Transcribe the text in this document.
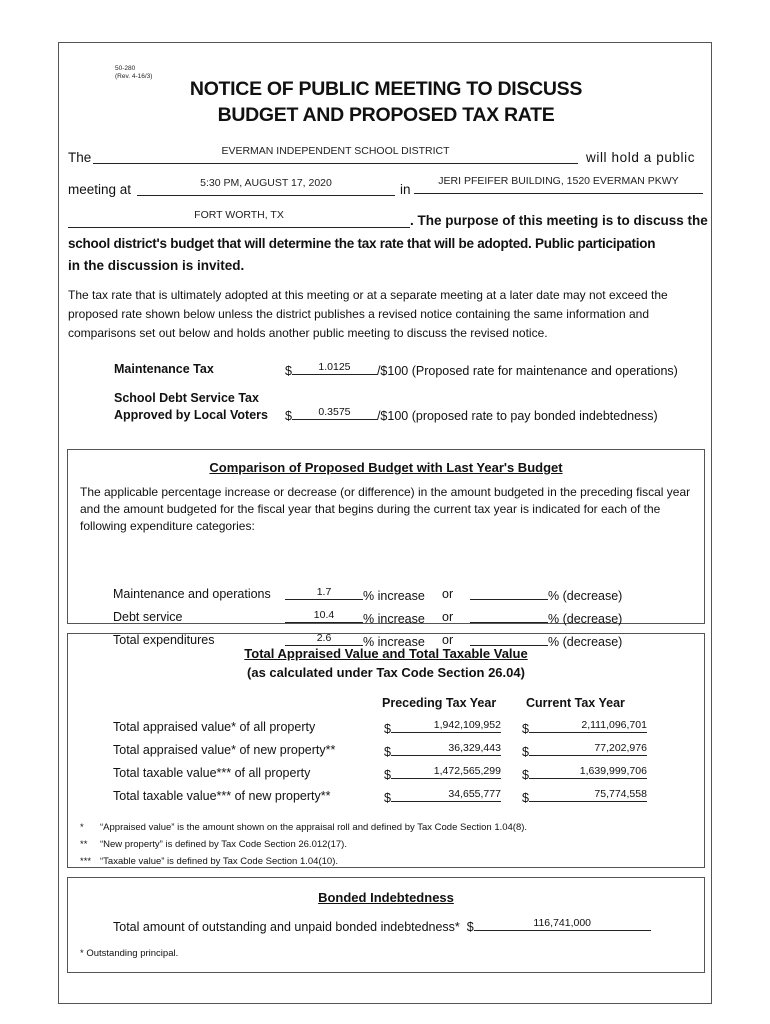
50-280
(Rev. 4-16/3)
NOTICE OF PUBLIC MEETING TO DISCUSS
BUDGET AND PROPOSED TAX RATE
The	EVERMAN INDEPENDENT SCHOOL DISTRICT	will hold a public
meeting at	5:30 PM, AUGUST 17, 2020	in
JERI PFEIFER BUILDING, 1520 EVERMAN PKWY
FORT WORTH, TX	. The purpose of this meeting is to discuss the
school district's budget that will determine the tax rate that will be adopted. Public participation
in the discussion is invited.
The tax rate that is ultimately adopted at this meeting or at a separate meeting at a later date may not exceed the proposed rate shown below unless the district publishes a revised notice containing the same information and comparisons set out below and holds another public meeting to discuss the revised notice.
Maintenance Tax	$	1.0125	/$100 (Proposed rate for maintenance and operations)
School Debt Service Tax
Approved by Local Voters $	0.3575	/$100 (proposed rate to pay bonded indebtedness)
Comparison of Proposed Budget with Last Year's Budget
The applicable percentage increase or decrease (or difference) in the amount budgeted in the preceding fiscal year and the amount budgeted for the fiscal year that begins during the current tax year is indicated for each of the following expenditure categories:
Maintenance and operations	1.7	% increase or	% (decrease)
Debt service	10.4	% increase or	% (decrease)
Total expenditures	2.6	% increase or	% (decrease)
Total Appraised Value and Total Taxable Value
(as calculated under Tax Code Section 26.04)
Preceding Tax Year Current Tax Year
Total appraised value* of all property	$	1,942,109,952 $	2,111,096,701
Total appraised value* of new property**	$	36,329,443 $	77,202,976
Total taxable value*** of all property	$	1,472,565,299 $	1,639,999,706
Total taxable value*** of new property**	$	34,655,777 $	75,774,558
* “Appraised value” is the amount shown on the appraisal roll and defined by Tax Code Section 1.04(8).
** “New property” is defined by Tax Code Section 26.012(17).
*** “Taxable value” is defined by Tax Code Section 1.04(10).
Bonded Indebtedness
Total amount of outstanding and unpaid bonded indebtedness* $	116,741,000
* Outstanding principal.
